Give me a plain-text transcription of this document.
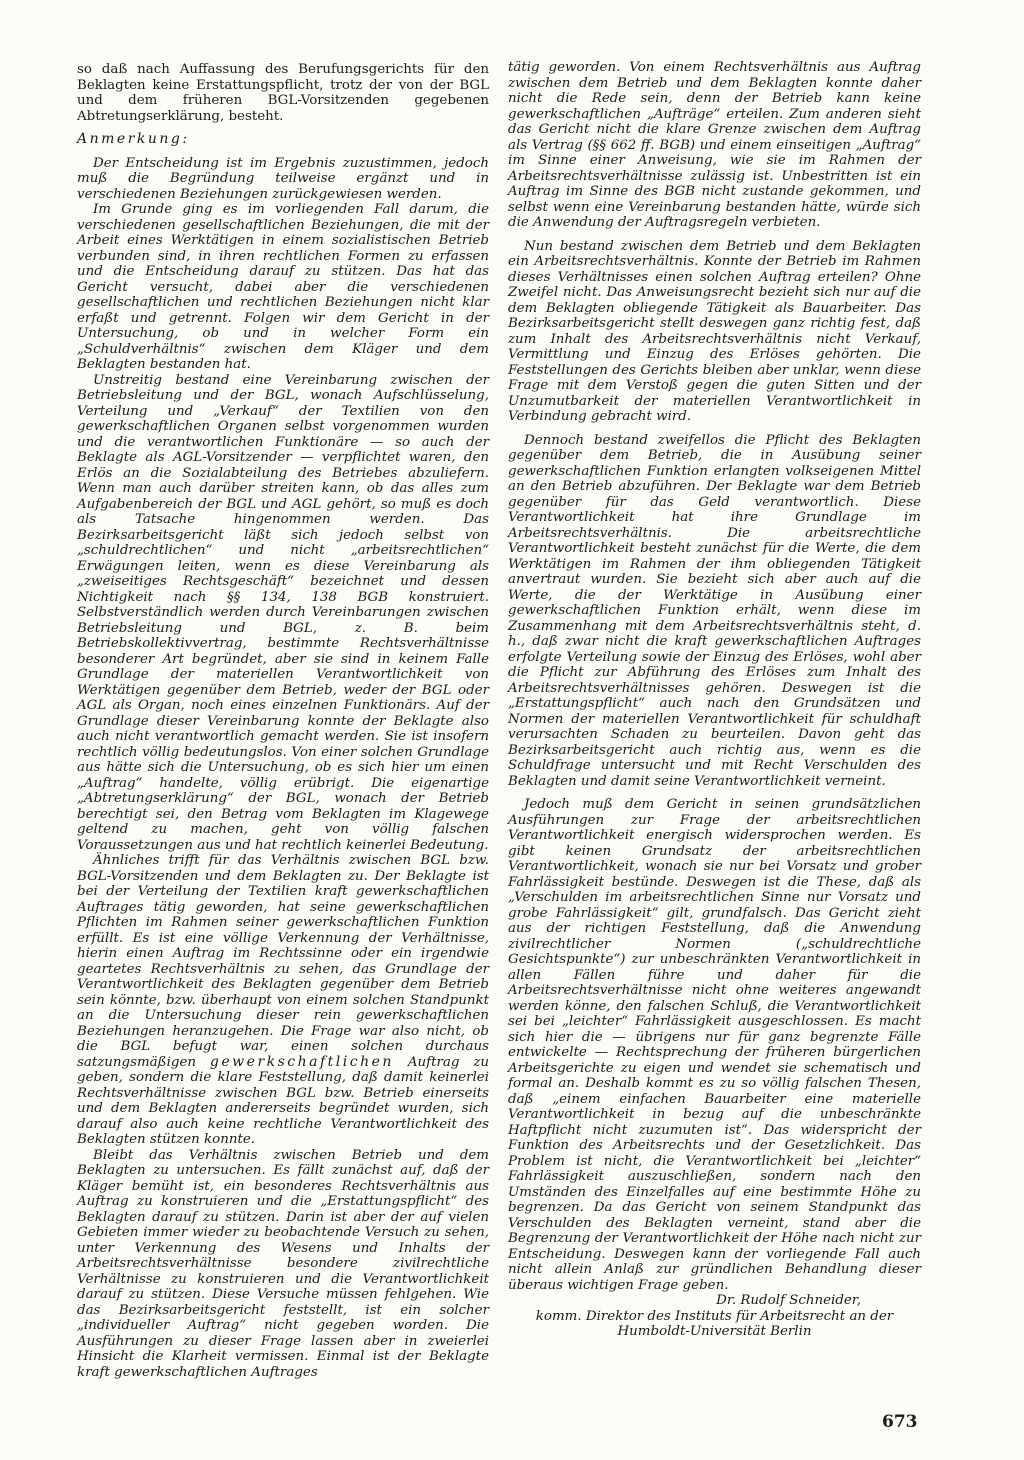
so daß nach Auffassung des Berufungsgerichts für den Beklagten keine Erstattungspflicht, trotz der von der BGL und dem früheren BGL-Vorsitzenden gegebenen Abtretungserklärung, besteht.

Anmerkung:

Der Entscheidung ist im Ergebnis zuzustimmen, jedoch muß die Begründung teilweise ergänzt und in verschiedenen Beziehungen zurückgewiesen werden.

Im Grunde ging es im vorliegenden Fall darum, die verschiedenen gesellschaftlichen Beziehungen, die mit der Arbeit eines Werktätigen in einem sozialistischen Betrieb verbunden sind, in ihren rechtlichen Formen zu erfassen und die Entscheidung darauf zu stützen. Das hat das Gericht versucht, dabei aber die verschiedenen gesellschaftlichen und rechtlichen Beziehungen nicht klar erfaßt und getrennt. Folgen wir dem Gericht in der Untersuchung, ob und in welcher Form ein „Schuldverhältnis“ zwischen dem Kläger und dem Beklagten bestanden hat.

Unstreitig bestand eine Vereinbarung zwischen der Betriebsleitung und der BGL, wonach Aufschlüsselung, Verteilung und „Verkauf“ der Textilien von den gewerkschaftlichen Organen selbst vorgenommen wurden und die verantwortlichen Funktionäre — so auch der Beklagte als AGL-Vorsitzender — verpflichtet waren, den Erlös an die Sozialabteilung des Betriebes abzuliefern. Wenn man auch darüber streiten kann, ob das alles zum Aufgabenbereich der BGL und AGL gehört, so muß es doch als Tatsache hingenommen werden. Das Bezirksarbeitsgericht läßt sich jedoch selbst von „schuldrechtlichen“ und nicht „arbeitsrechtlichen“ Erwägungen leiten, wenn es diese Vereinbarung als „zweiseitiges Rechtsgeschäft“ bezeichnet und dessen Nichtigkeit nach §§ 134, 138 BGB konstruiert. Selbstverständlich werden durch Vereinbarungen zwischen Betriebsleitung und BGL, z. B. beim Betriebskollektivvertrag, bestimmte Rechtsverhältnisse besonderer Art begründet, aber sie sind in keinem Falle Grundlage der materiellen Verantwortlichkeit von Werktätigen gegenüber dem Betrieb, weder der BGL oder AGL als Organ, noch eines einzelnen Funktionärs. Auf der Grundlage dieser Vereinbarung konnte der Beklagte also auch nicht verantwortlich gemacht werden. Sie ist insofern rechtlich völlig bedeutungslos. Von einer solchen Grundlage aus hätte sich die Untersuchung, ob es sich hier um einen „Auftrag“ handelte, völlig erübrigt. Die eigenartige „Abtretungserklärung“ der BGL, wonach der Betrieb berechtigt sei, den Betrag vom Beklagten im Klagewege geltend zu machen, geht von völlig falschen Voraussetzungen aus und hat rechtlich keinerlei Bedeutung.

Ähnliches trifft für das Verhältnis zwischen BGL bzw. BGL-Vorsitzenden und dem Beklagten zu. Der Beklagte ist bei der Verteilung der Textilien kraft gewerkschaftlichen Auftrages tätig geworden, hat seine gewerkschaftlichen Pflichten im Rahmen seiner gewerkschaftlichen Funktion erfüllt. Es ist eine völlige Verkennung der Verhältnisse, hierin einen Auftrag im Rechtssinne oder ein irgendwie geartetes Rechtsverhältnis zu sehen, das Grundlage der Verantwortlichkeit des Beklagten gegenüber dem Betrieb sein könnte, bzw. überhaupt von einem solchen Standpunkt an die Untersuchung dieser rein gewerkschaftlichen Beziehungen heranzugehen. Die Frage war also nicht, ob die BGL befugt war, einen solchen durchaus satzungsmäßigen gewerkschaftlichen Auftrag zu geben, sondern die klare Feststellung, daß damit keinerlei Rechtsverhältnisse zwischen BGL bzw. Betrieb einerseits und dem Beklagten andererseits begründet wurden, sich darauf also auch keine rechtliche Verantwortlichkeit des Beklagten stützen konnte.

Bleibt das Verhältnis zwischen Betrieb und dem Beklagten zu untersuchen. Es fällt zunächst auf, daß der Kläger bemüht ist, ein besonderes Rechtsverhältnis aus Auftrag zu konstruieren und die „Erstattungspflicht“ des Beklagten darauf zu stützen. Darin ist aber der auf vielen Gebieten immer wieder zu beobachtende Versuch zu sehen, unter Verkennung des Wesens und Inhalts der Arbeitsrechtsverhältnisse besondere zivilrechtliche Verhältnisse zu konstruieren und die Verantwortlichkeit darauf zu stützen. Diese Versuche müssen fehlgehen. Wie das Bezirksarbeitsgericht feststellt, ist ein solcher „individueller Auftrag“ nicht gegeben worden. Die Ausführungen zu dieser Frage lassen aber in zweierlei Hinsicht die Klarheit vermissen. Einmal ist der Beklagte kraft gewerkschaftlichen Auftrages

tätig geworden. Von einem Rechtsverhältnis aus Auftrag zwischen dem Betrieb und dem Beklagten konnte daher nicht die Rede sein, denn der Betrieb kann keine gewerkschaftlichen „Aufträge“ erteilen. Zum anderen sieht das Gericht nicht die klare Grenze zwischen dem Auftrag als Vertrag (§§ 662 ff. BGB) und einem einseitigen „Auftrag“ im Sinne einer Anweisung, wie sie im Rahmen der Arbeitsrechtsverhältnisse zulässig ist. Unbestritten ist ein Auftrag im Sinne des BGB nicht zustande gekommen, und selbst wenn eine Vereinbarung bestanden hätte, würde sich die Anwendung der Auftragsregeln verbieten.

Nun bestand zwischen dem Betrieb und dem Beklagten ein Arbeitsrechtsverhältnis. Konnte der Betrieb im Rahmen dieses Verhältnisses einen solchen Auftrag erteilen? Ohne Zweifel nicht. Das Anweisungsrecht bezieht sich nur auf die dem Beklagten obliegende Tätigkeit als Bauarbeiter. Das Bezirksarbeitsgericht stellt deswegen ganz richtig fest, daß zum Inhalt des Arbeitsrechtsverhältnis nicht Verkauf, Vermittlung und Einzug des Erlöses gehörten. Die Feststellungen des Gerichts bleiben aber unklar, wenn diese Frage mit dem Verstoß gegen die guten Sitten und der Unzumutbarkeit der materiellen Verantwortlichkeit in Verbindung gebracht wird.

Dennoch bestand zweifellos die Pflicht des Beklagten gegenüber dem Betrieb, die in Ausübung seiner gewerkschaftlichen Funktion erlangten volkseigenen Mittel an den Betrieb abzuführen. Der Beklagte war dem Betrieb gegenüber für das Geld verantwortlich. Diese Verantwortlichkeit hat ihre Grundlage im Arbeitsrechtsverhältnis. Die arbeitsrechtliche Verantwortlichkeit besteht zunächst für die Werte, die dem Werktätigen im Rahmen der ihm obliegenden Tätigkeit anvertraut wurden. Sie bezieht sich aber auch auf die Werte, die der Werktätige in Ausübung einer gewerkschaftlichen Funktion erhält, wenn diese im Zusammenhang mit dem Arbeitsrechtsverhältnis steht, d. h., daß zwar nicht die kraft gewerkschaftlichen Auftrages erfolgte Verteilung sowie der Einzug des Erlöses, wohl aber die Pflicht zur Abführung des Erlöses zum Inhalt des Arbeitsrechtsverhältnisses gehören. Deswegen ist die „Erstattungspflicht“ auch nach den Grundsätzen und Normen der materiellen Verantwortlichkeit für schuldhaft verursachten Schaden zu beurteilen. Davon geht das Bezirksarbeitsgericht auch richtig aus, wenn es die Schuldfrage untersucht und mit Recht Verschulden des Beklagten und damit seine Verantwortlichkeit verneint.

Jedoch muß dem Gericht in seinen grundsätzlichen Ausführungen zur Frage der arbeitsrechtlichen Verantwortlichkeit energisch widersprochen werden. Es gibt keinen Grundsatz der arbeitsrechtlichen Verantwortlichkeit, wonach sie nur bei Vorsatz und grober Fahrlässigkeit bestünde. Deswegen ist die These, daß als „Verschulden im arbeitsrechtlichen Sinne nur Vorsatz und grobe Fahrlässigkeit“ gilt, grundfalsch. Das Gericht zieht aus der richtigen Feststellung, daß die Anwendung zivilrechtlicher Normen („schuldrechtliche Gesichtspunkte“) zur unbeschränkten Verantwortlichkeit in allen Fällen führe und daher für die Arbeitsrechtsverhältnisse nicht ohne weiteres angewandt werden könne, den falschen Schluß, die Verantwortlichkeit sei bei „leichter“ Fahrlässigkeit ausgeschlossen. Es macht sich hier die — übrigens nur für ganz begrenzte Fälle entwickelte — Rechtsprechung der früheren bürgerlichen Arbeitsgerichte zu eigen und wendet sie schematisch und formal an. Deshalb kommt es zu so völlig falschen Thesen, daß „einem einfachen Bauarbeiter eine materielle Verantwortlichkeit in bezug auf die unbeschränkte Haftpflicht nicht zuzumuten ist“. Das widerspricht der Funktion des Arbeitsrechts und der Gesetzlichkeit. Das Problem ist nicht, die Verantwortlichkeit bei „leichter“ Fahrlässigkeit auszuschließen, sondern nach den Umständen des Einzelfalles auf eine bestimmte Höhe zu begrenzen. Da das Gericht von seinem Standpunkt das Verschulden des Beklagten verneint, stand aber die Begrenzung der Verantwortlichkeit der Höhe nach nicht zur Entscheidung. Deswegen kann der vorliegende Fall auch nicht allein Anlaß zur gründlichen Behandlung dieser überaus wichtigen Frage geben.

Dr. Rudolf Schneider,

komm. Direktor des Instituts für Arbeitsrecht an der

Humboldt-Universität Berlin

673
